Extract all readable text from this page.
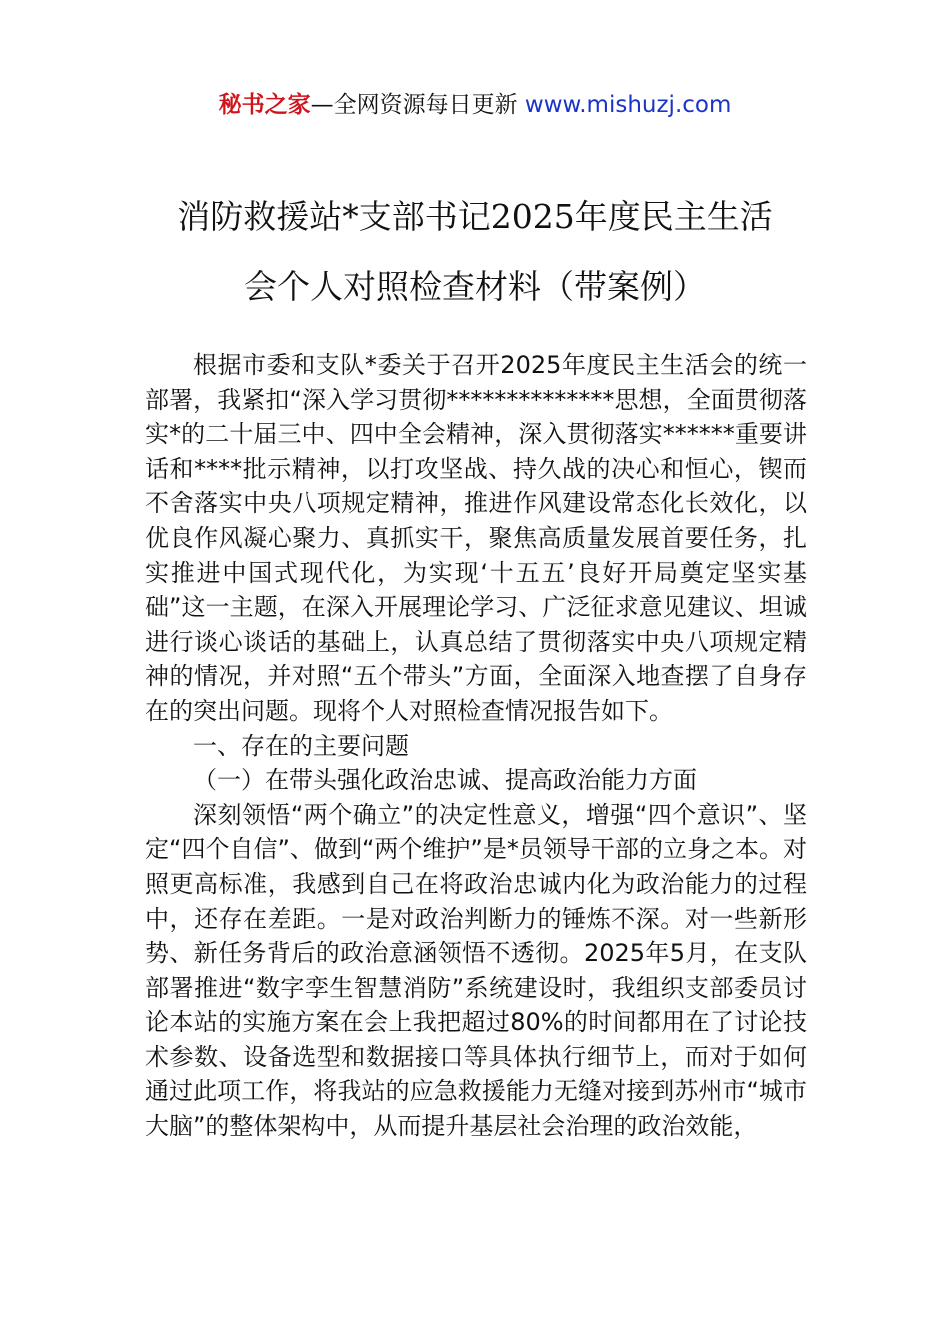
秘书之家—全网资源每日更新 www.mishuzj.com
消防救援站*支部书记2025年度民主生活
会个人对照检查材料（带案例）

根据市委和支队*委关于召开2025年度民主生活会的统一部署，我紧扣“深入学习贯彻**************思想，全面贯彻落实*的二十届三中、四中全会精神，深入贯彻落实******重要讲话和****批示精神，以打攻坚战、持久战的决心和恒心，锲而不舍落实中央八项规定精神，推进作风建设常态化长效化，以优良作风凝心聚力、真抓实干，聚焦高质量发展首要任务，扎实推进中国式现代化，为实现‘十五五’良好开局奠定坚实基础”这一主题，在深入开展理论学习、广泛征求意见建议、坦诚进行谈心谈话的基础上，认真总结了贯彻落实中央八项规定精神的情况，并对照“五个带头”方面，全面深入地查摆了自身存在的突出问题。现将个人对照检查情况报告如下。

一、存在的主要问题

（一）在带头强化政治忠诚、提高政治能力方面

深刻领悟“两个确立”的决定性意义，增强“四个意识”、坚定“四个自信”、做到“两个维护”是*员领导干部的立身之本。对照更高标准，我感到自己在将政治忠诚内化为政治能力的过程中，还存在差距。一是对政治判断力的锤炼不深。对一些新形势、新任务背后的政治意涵领悟不透彻。2025年5月，在支队部署推进“数字孪生智慧消防”系统建设时，我组织支部委员讨论本站的实施方案在会上我把超过80%的时间都用在了讨论技术参数、设备选型和数据接口等具体执行细节上，而对于如何通过此项工作，将我站的应急救援能力无缝对接到苏州市“城市大脑”的整体架构中，从而提升基层社会治理的政治效能，
